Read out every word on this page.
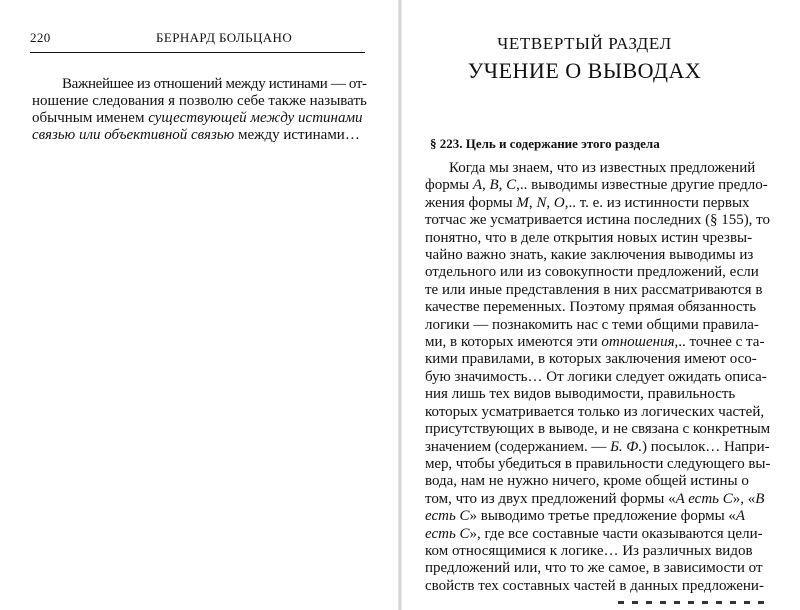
220	БЕРНАРД БОЛЬЦАНО

Важнейшее из отношений между истинами — от-
ношение следования я позволю себе также называть
обычным именем существующей между истинами
связью или объективной связью между истинами…

ЧЕТВЕРТЫЙ РАЗДЕЛ
УЧЕНИЕ О ВЫВОДАХ
§ 223. Цель и содержание этого раздела

Когда мы знаем, что из известных предложений
формы A, B, C,.. выводимы известные другие предло-
жения формы M, N, O,.. т. е. из истинности первых
тотчас же усматривается истина последних (§ 155), то
понятно, что в деле открытия новых истин чрезвы-
чайно важно знать, какие заключения выводимы из
отдельного или из совокупности предложений, если
те или иные представления в них рассматриваются в
качестве переменных. Поэтому прямая обязанность
логики — познакомить нас с теми общими правила-
ми, в которых имеются эти отношения,.. точнее с та-
кими правилами, в которых заключения имеют осо-
бую значимость… От логики следует ожидать описа-
ния лишь тех видов выводимости, правильность
которых усматривается только из логических частей,
присутствующих в выводе, и не связана с конкретным
значением (содержанием. — Б. Ф.) посылок… Напри-
мер, чтобы убедиться в правильности следующего вы-
вода, нам не нужно ничего, кроме общей истины о
том, что из двух предложений формы «A есть C», «B
есть C» выводимо третье предложение формы «A
есть C», где все составные части оказываются цели-
ком относящимися к логике… Из различных видов
предложений или, что то же самое, в зависимости от
свойств тех составных частей в данных предложени-
